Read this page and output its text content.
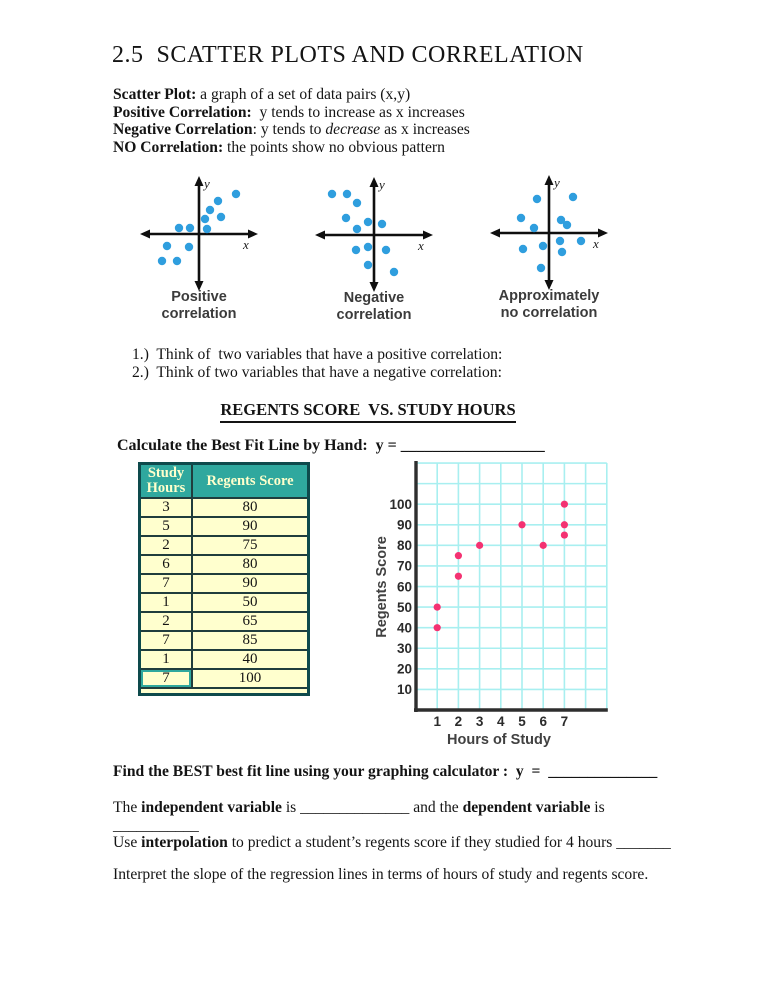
2.5  SCATTER PLOTS AND CORRELATION
Scatter Plot: a graph of a set of data pairs (x,y)
Positive Correlation:  y tends to increase as x increases
Negative Correlation: y tends to decrease as x increases
NO Correlation: the points show no obvious pattern
y
x
y
x
y
x
Positive
correlation
Negative
correlation
Approximately
no correlation
1.)  Think of  two variables that have a positive correlation:
2.)  Think of two variables that have a negative correlation:
REGENTS SCORE  VS. STUDY HOURS
Calculate the Best Fit Line by Hand:  y = __________________
Study Hours	Regents Score
3	80
5	90
2	75
6	80
7	90
1	50
2	65
7	85
1	40
7	100

10
20
30
40
50
60
70
80
90
100
1 2 3 4 5 6 7
Regents Score
Hours of Study
Find the BEST best fit line using your graphing calculator :  y  =  ______________
The independent variable is ______________ and the dependent variable is ___________
Use interpolation to predict a student’s regents score if they studied for 4 hours _______
Interpret the slope of the regression lines in terms of hours of study and regents score.
